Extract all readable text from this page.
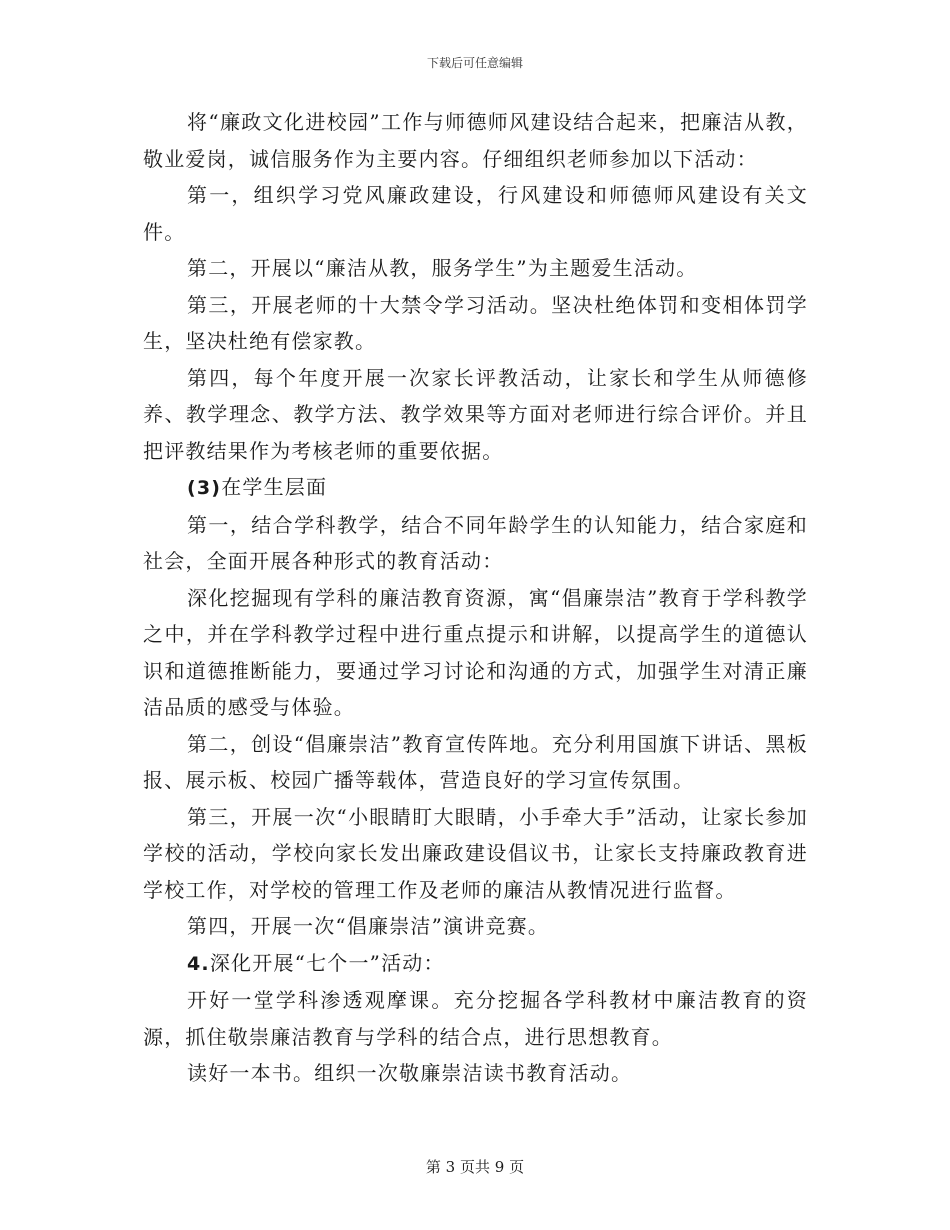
下载后可任意编辑

将“廉政文化进校园”工作与师德师风建设结合起来，把廉洁从教，敬业爱岗，诚信服务作为主要内容。仔细组织老师参加以下活动：

第一，组织学习党风廉政建设，行风建设和师德师风建设有关文件。

第二，开展以“廉洁从教，服务学生”为主题爱生活动。

第三，开展老师的十大禁令学习活动。坚决杜绝体罚和变相体罚学生，坚决杜绝有偿家教。

第四，每个年度开展一次家长评教活动，让家长和学生从师德修养、教学理念、教学方法、教学效果等方面对老师进行综合评价。并且把评教结果作为考核老师的重要依据。

(3)在学生层面

第一，结合学科教学，结合不同年龄学生的认知能力，结合家庭和社会，全面开展各种形式的教育活动：

深化挖掘现有学科的廉洁教育资源，寓“倡廉崇洁”教育于学科教学之中，并在学科教学过程中进行重点提示和讲解，以提高学生的道德认识和道德推断能力，要通过学习讨论和沟通的方式，加强学生对清正廉洁品质的感受与体验。

第二，创设“倡廉崇洁”教育宣传阵地。充分利用国旗下讲话、黑板报、展示板、校园广播等载体，营造良好的学习宣传氛围。

第三，开展一次“小眼睛盯大眼睛，小手牵大手”活动，让家长参加学校的活动，学校向家长发出廉政建设倡议书，让家长支持廉政教育进学校工作，对学校的管理工作及老师的廉洁从教情况进行监督。

第四，开展一次“倡廉崇洁”演讲竞赛。

4.深化开展“七个一”活动：

开好一堂学科渗透观摩课。充分挖掘各学科教材中廉洁教育的资源，抓住敬崇廉洁教育与学科的结合点，进行思想教育。

读好一本书。组织一次敬廉崇洁读书教育活动。

第 3 页共 9 页
